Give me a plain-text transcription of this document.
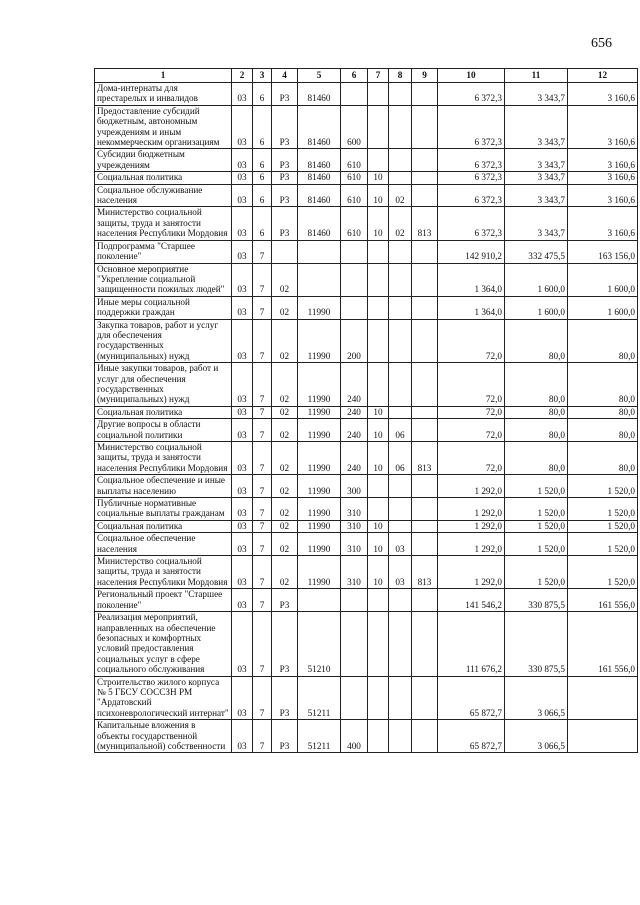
656
1	2	3	4	5	6	7	8	9	10	11	12
Дома-интернаты для престарелых и инвалидов	03	6	Р3	81460					6 372,3	3 343,7	3 160,6
Предоставление субсидий бюджетным, автономным учреждениям и иным некоммерческим организациям	03	6	Р3	81460	600				6 372,3	3 343,7	3 160,6
Субсидии бюджетным учреждениям	03	6	Р3	81460	610				6 372,3	3 343,7	3 160,6
Социальная политика	03	6	Р3	81460	610	10			6 372,3	3 343,7	3 160,6
Социальное обслуживание населения	03	6	Р3	81460	610	10	02		6 372,3	3 343,7	3 160,6
Министерство социальной защиты, труда и занятости населения Республики Мордовия	03	6	Р3	81460	610	10	02	813	6 372,3	3 343,7	3 160,6
Подпрограмма "Старшее поколение"	03	7							142 910,2	332 475,5	163 156,0
Основное мероприятие "Укрепление социальной защищенности пожилых людей"	03	7	02						1 364,0	1 600,0	1 600,0
Иные меры социальной поддержки граждан	03	7	02	11990					1 364,0	1 600,0	1 600,0
Закупка товаров, работ и услуг для обеспечения государственных (муниципальных) нужд	03	7	02	11990	200				72,0	80,0	80,0
Иные закупки товаров, работ и услуг для обеспечения государственных (муниципальных) нужд	03	7	02	11990	240				72,0	80,0	80,0
Социальная политика	03	7	02	11990	240	10			72,0	80,0	80,0
Другие вопросы в области социальной политики	03	7	02	11990	240	10	06		72,0	80,0	80,0
Министерство социальной защиты, труда и занятости населения Республики Мордовия	03	7	02	11990	240	10	06	813	72,0	80,0	80,0
Социальное обеспечение и иные выплаты населению	03	7	02	11990	300				1 292,0	1 520,0	1 520,0
Публичные нормативные социальные выплаты гражданам	03	7	02	11990	310				1 292,0	1 520,0	1 520,0
Социальная политика	03	7	02	11990	310	10			1 292,0	1 520,0	1 520,0
Социальное обеспечение населения	03	7	02	11990	310	10	03		1 292,0	1 520,0	1 520,0
Министерство социальной защиты, труда и занятости населения Республики Мордовия	03	7	02	11990	310	10	03	813	1 292,0	1 520,0	1 520,0
Региональный проект "Старшее поколение"	03	7	Р3						141 546,2	330 875,5	161 556,0
Реализация мероприятий, направленных на обеспечение безопасных и комфортных условий предоставления социальных услуг в сфере социального обслуживания	03	7	Р3	51210					111 676,2	330 875,5	161 556,0
Строительство жилого корпуса № 5 ГБСУ СОССЗН РМ "Ардатовский психоневрологический интернат"	03	7	Р3	51211					65 872,7	3 066,5	
Капитальные вложения в объекты государственной (муниципальной) собственности	03	7	Р3	51211	400				65 872,7	3 066,5	
